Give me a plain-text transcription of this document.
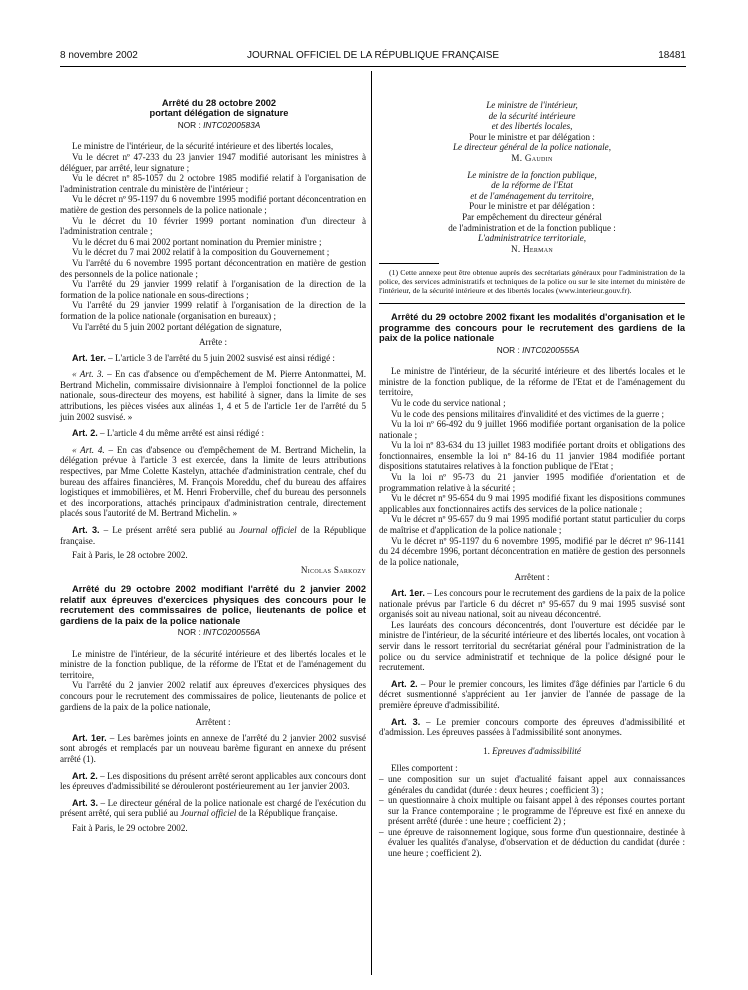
8 novembre 2002	JOURNAL OFFICIEL DE LA RÉPUBLIQUE FRANÇAISE	18481

Arrêté du 28 octobre 2002

portant délégation de signature

NOR : INTC0200583A

Le ministre de l'intérieur, de la sécurité intérieure et des libertés locales,

Vu le décret nº 47-233 du 23 janvier 1947 modifié autorisant les ministres à déléguer, par arrêté, leur signature ;

Vu le décret nº 85-1057 du 2 octobre 1985 modifié relatif à l'organisation de l'administration centrale du ministère de l'intérieur ;

Vu le décret nº 95-1197 du 6 novembre 1995 modifié portant déconcentration en matière de gestion des personnels de la police nationale ;

Vu le décret du 10 février 1999 portant nomination d'un directeur à l'administration centrale ;

Vu le décret du 6 mai 2002 portant nomination du Premier ministre ;

Vu le décret du 7 mai 2002 relatif à la composition du Gouvernement ;

Vu l'arrêté du 6 novembre 1995 portant déconcentration en matière de gestion des personnels de la police nationale ;

Vu l'arrêté du 29 janvier 1999 relatif à l'organisation de la direction de la formation de la police nationale en sous-directions ;

Vu l'arrêté du 29 janvier 1999 relatif à l'organisation de la direction de la formation de la police nationale (organisation en bureaux) ;

Vu l'arrêté du 5 juin 2002 portant délégation de signature,

Arrête :

Art. 1er. – L'article 3 de l'arrêté du 5 juin 2002 susvisé est ainsi rédigé :

« Art. 3. – En cas d'absence ou d'empêchement de M. Pierre Antonmattei, M. Bertrand Michelin, commissaire divisionnaire à l'emploi fonctionnel de la police nationale, sous-directeur des moyens, est habilité à signer, dans la limite de ses attributions, les pièces visées aux alinéas 1, 4 et 5 de l'article 1er de l'arrêté du 5 juin 2002 susvisé. »

Art. 2. – L'article 4 du même arrêté est ainsi rédigé :

« Art. 4. – En cas d'absence ou d'empêchement de M. Bertrand Michelin, la délégation prévue à l'article 3 est exercée, dans la limite de leurs attributions respectives, par Mme Colette Kastelyn, attachée d'administration centrale, chef du bureau des affaires financières, M. François Moreddu, chef du bureau des affaires logistiques et immobilières, et M. Henri Froberville, chef du bureau des personnels et des incorporations, attachés principaux d'administration centrale, directement placés sous l'autorité de M. Bertrand Michelin. »

Art. 3. – Le présent arrêté sera publié au Journal officiel de la République française.

Fait à Paris, le 28 octobre 2002.

Nicolas Sarkozy

Arrêté du 29 octobre 2002 modifiant l'arrêté du 2 janvier 2002 relatif aux épreuves d'exercices physiques des concours pour le recrutement des commissaires de police, lieutenants de police et gardiens de la paix de la police nationale

NOR : INTC0200556A

Le ministre de l'intérieur, de la sécurité intérieure et des libertés locales et le ministre de la fonction publique, de la réforme de l'Etat et de l'aménagement du territoire,

Vu l'arrêté du 2 janvier 2002 relatif aux épreuves d'exercices physiques des concours pour le recrutement des commissaires de police, lieutenants de police et gardiens de la paix de la police nationale,

Arrêtent :

Art. 1er. – Les barèmes joints en annexe de l'arrêté du 2 janvier 2002 susvisé sont abrogés et remplacés par un nouveau barème figurant en annexe du présent arrêté (1).

Art. 2. – Les dispositions du présent arrêté seront applicables aux concours dont les épreuves d'admissibilité se dérouleront postérieurement au 1er janvier 2003.

Art. 3. – Le directeur général de la police nationale est chargé de l'exécution du présent arrêté, qui sera publié au Journal officiel de la République française.

Fait à Paris, le 29 octobre 2002.

Le ministre de l'intérieur,

de la sécurité intérieure

et des libertés locales,

Pour le ministre et par délégation :

Le directeur général de la police nationale,

M. Gaudin

Le ministre de la fonction publique,

de la réforme de l'Etat

et de l'aménagement du territoire,

Pour le ministre et par délégation :

Par empêchement du directeur général

de l'administration et de la fonction publique :

L'administratrice territoriale,

N. Herman

(1) Cette annexe peut être obtenue auprès des secrétariats généraux pour l'administration de la police, des services administratifs et techniques de la police ou sur le site internet du ministère de l'intérieur, de la sécurité intérieure et des libertés locales (www.interieur.gouv.fr).

Arrêté du 29 octobre 2002 fixant les modalités d'organisation et le programme des concours pour le recrutement des gardiens de la paix de la police nationale

NOR : INTC0200555A

Le ministre de l'intérieur, de la sécurité intérieure et des libertés locales et le ministre de la fonction publique, de la réforme de l'Etat et de l'aménagement du territoire,

Vu le code du service national ;

Vu le code des pensions militaires d'invalidité et des victimes de la guerre ;

Vu la loi nº 66-492 du 9 juillet 1966 modifiée portant organisation de la police nationale ;

Vu la loi nº 83-634 du 13 juillet 1983 modifiée portant droits et obligations des fonctionnaires, ensemble la loi nº 84-16 du 11 janvier 1984 modifiée portant dispositions statutaires relatives à la fonction publique de l'Etat ;

Vu la loi nº 95-73 du 21 janvier 1995 modifiée d'orientation et de programmation relative à la sécurité ;

Vu le décret nº 95-654 du 9 mai 1995 modifié fixant les dispositions communes applicables aux fonctionnaires actifs des services de la police nationale ;

Vu le décret nº 95-657 du 9 mai 1995 modifié portant statut particulier du corps de maîtrise et d'application de la police nationale ;

Vu le décret nº 95-1197 du 6 novembre 1995, modifié par le décret nº 96-1141 du 24 décembre 1996, portant déconcentration en matière de gestion des personnels de la police nationale,

Arrêtent :

Art. 1er. – Les concours pour le recrutement des gardiens de la paix de la police nationale prévus par l'article 6 du décret nº 95-657 du 9 mai 1995 susvisé sont organisés soit au niveau national, soit au niveau déconcentré.

Les lauréats des concours déconcentrés, dont l'ouverture est décidée par le ministre de l'intérieur, de la sécurité intérieure et des libertés locales, ont vocation à servir dans le ressort territorial du secrétariat général pour l'administration de la police ou du service administratif et technique de la police désigné pour le recrutement.

Art. 2. – Pour le premier concours, les limites d'âge définies par l'article 6 du décret susmentionné s'apprécient au 1er janvier de l'année de passage de la première épreuve d'admissibilité.

Art. 3. – Le premier concours comporte des épreuves d'admissibilité et d'admission. Les épreuves passées à l'admissibilité sont anonymes.

1. Epreuves d'admissibilité

Elles comportent :

– une composition sur un sujet d'actualité faisant appel aux connaissances générales du candidat (durée : deux heures ; coefficient 3) ;

– un questionnaire à choix multiple ou faisant appel à des réponses courtes portant sur la France contemporaine ; le programme de l'épreuve est fixé en annexe du présent arrêté (durée : une heure ; coefficient 2) ;

– une épreuve de raisonnement logique, sous forme d'un questionnaire, destinée à évaluer les qualités d'analyse, d'observation et de déduction du candidat (durée : une heure ; coefficient 2).
